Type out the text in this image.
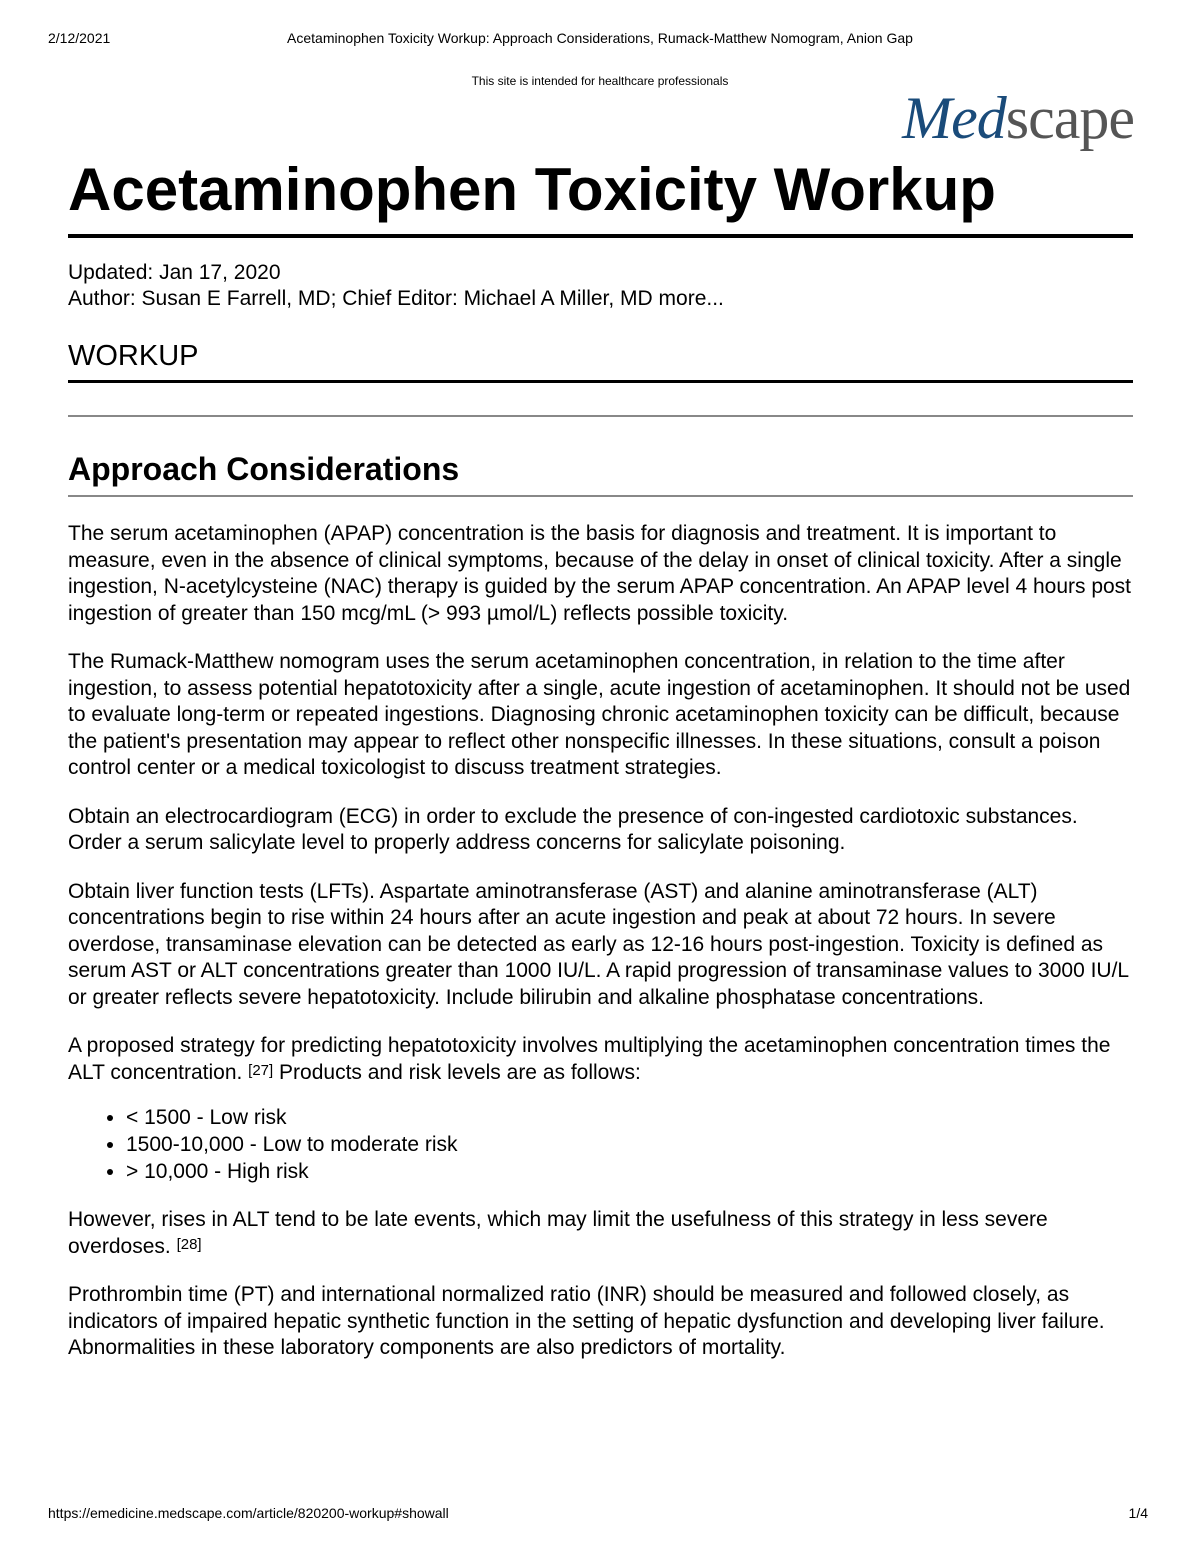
2/12/2021	Acetaminophen Toxicity Workup: Approach Considerations, Rumack-Matthew Nomogram, Anion Gap
This site is intended for healthcare professionals
Medscape
Acetaminophen Toxicity Workup
Updated: Jan 17, 2020
Author: Susan E Farrell, MD; Chief Editor: Michael A Miller, MD more...
WORKUP
Approach Considerations

The serum acetaminophen (APAP) concentration is the basis for diagnosis and treatment. It is important to measure, even in the absence of clinical symptoms, because of the delay in onset of clinical toxicity. After a single ingestion, N-acetylcysteine (NAC) therapy is guided by the serum APAP concentration. An APAP level 4 hours post ingestion of greater than 150 mcg/mL (> 993 µmol/L) reflects possible toxicity.

The Rumack-Matthew nomogram uses the serum acetaminophen concentration, in relation to the time after ingestion, to assess potential hepatotoxicity after a single, acute ingestion of acetaminophen. It should not be used to evaluate long-term or repeated ingestions. Diagnosing chronic acetaminophen toxicity can be difficult, because the patient's presentation may appear to reflect other nonspecific illnesses. In these situations, consult a poison control center or a medical toxicologist to discuss treatment strategies.

Obtain an electrocardiogram (ECG) in order to exclude the presence of con-ingested cardiotoxic substances. Order a serum salicylate level to properly address concerns for salicylate poisoning.

Obtain liver function tests (LFTs). Aspartate aminotransferase (AST) and alanine aminotransferase (ALT) concentrations begin to rise within 24 hours after an acute ingestion and peak at about 72 hours. In severe overdose, transaminase elevation can be detected as early as 12-16 hours post-ingestion. Toxicity is defined as serum AST or ALT concentrations greater than 1000 IU/L. A rapid progression of transaminase values to 3000 IU/L or greater reflects severe hepatotoxicity. Include bilirubin and alkaline phosphatase concentrations.

A proposed strategy for predicting hepatotoxicity involves multiplying the acetaminophen concentration times the ALT concentration. [27] Products and risk levels are as follows:

• < 1500 - Low risk
• 1500-10,000 - Low to moderate risk
• > 10,000 - High risk

However, rises in ALT tend to be late events, which may limit the usefulness of this strategy in less severe overdoses. [28]

Prothrombin time (PT) and international normalized ratio (INR) should be measured and followed closely, as indicators of impaired hepatic synthetic function in the setting of hepatic dysfunction and developing liver failure. Abnormalities in these laboratory components are also predictors of mortality.

https://emedicine.medscape.com/article/820200-workup#showall	1/4
